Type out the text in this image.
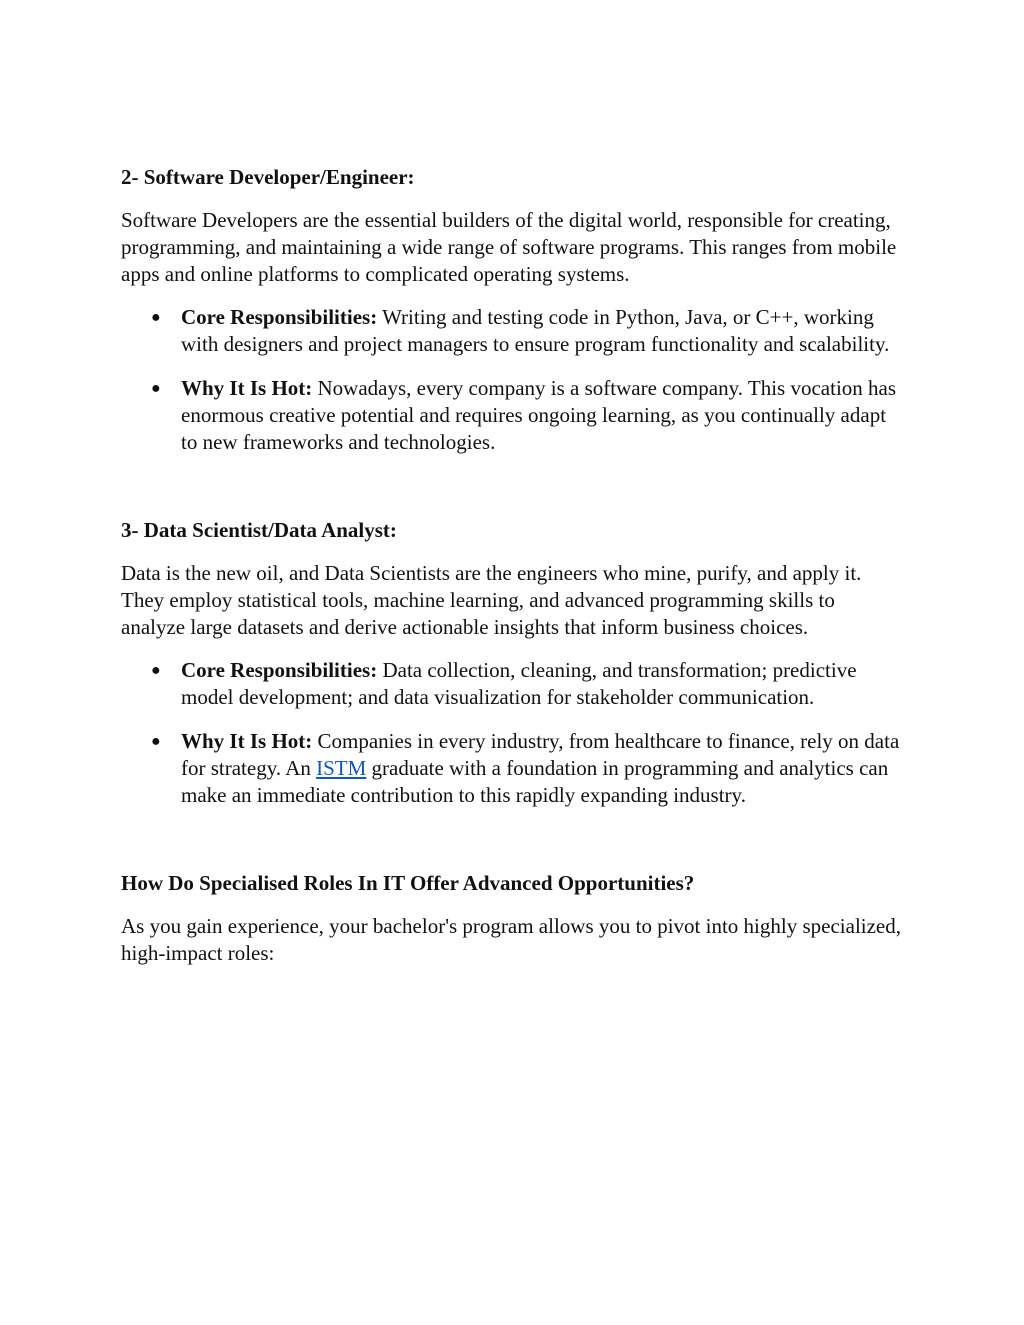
2- Software Developer/Engineer:

Software Developers are the essential builders of the digital world, responsible for creating, programming, and maintaining a wide range of software programs. This ranges from mobile apps and online platforms to complicated operating systems.

● Core Responsibilities: Writing and testing code in Python, Java, or C++, working with designers and project managers to ensure program functionality and scalability.
● Why It Is Hot: Nowadays, every company is a software company. This vocation has enormous creative potential and requires ongoing learning, as you continually adapt to new frameworks and technologies.
3- Data Scientist/Data Analyst:

Data is the new oil, and Data Scientists are the engineers who mine, purify, and apply it. They employ statistical tools, machine learning, and advanced programming skills to analyze large datasets and derive actionable insights that inform business choices.

● Core Responsibilities: Data collection, cleaning, and transformation; predictive model development; and data visualization for stakeholder communication.
● Why It Is Hot: Companies in every industry, from healthcare to finance, rely on data for strategy. An ISTM graduate with a foundation in programming and analytics can make an immediate contribution to this rapidly expanding industry.
How Do Specialised Roles In IT Offer Advanced Opportunities?

As you gain experience, your bachelor's program allows you to pivot into highly specialized, high-impact roles:
